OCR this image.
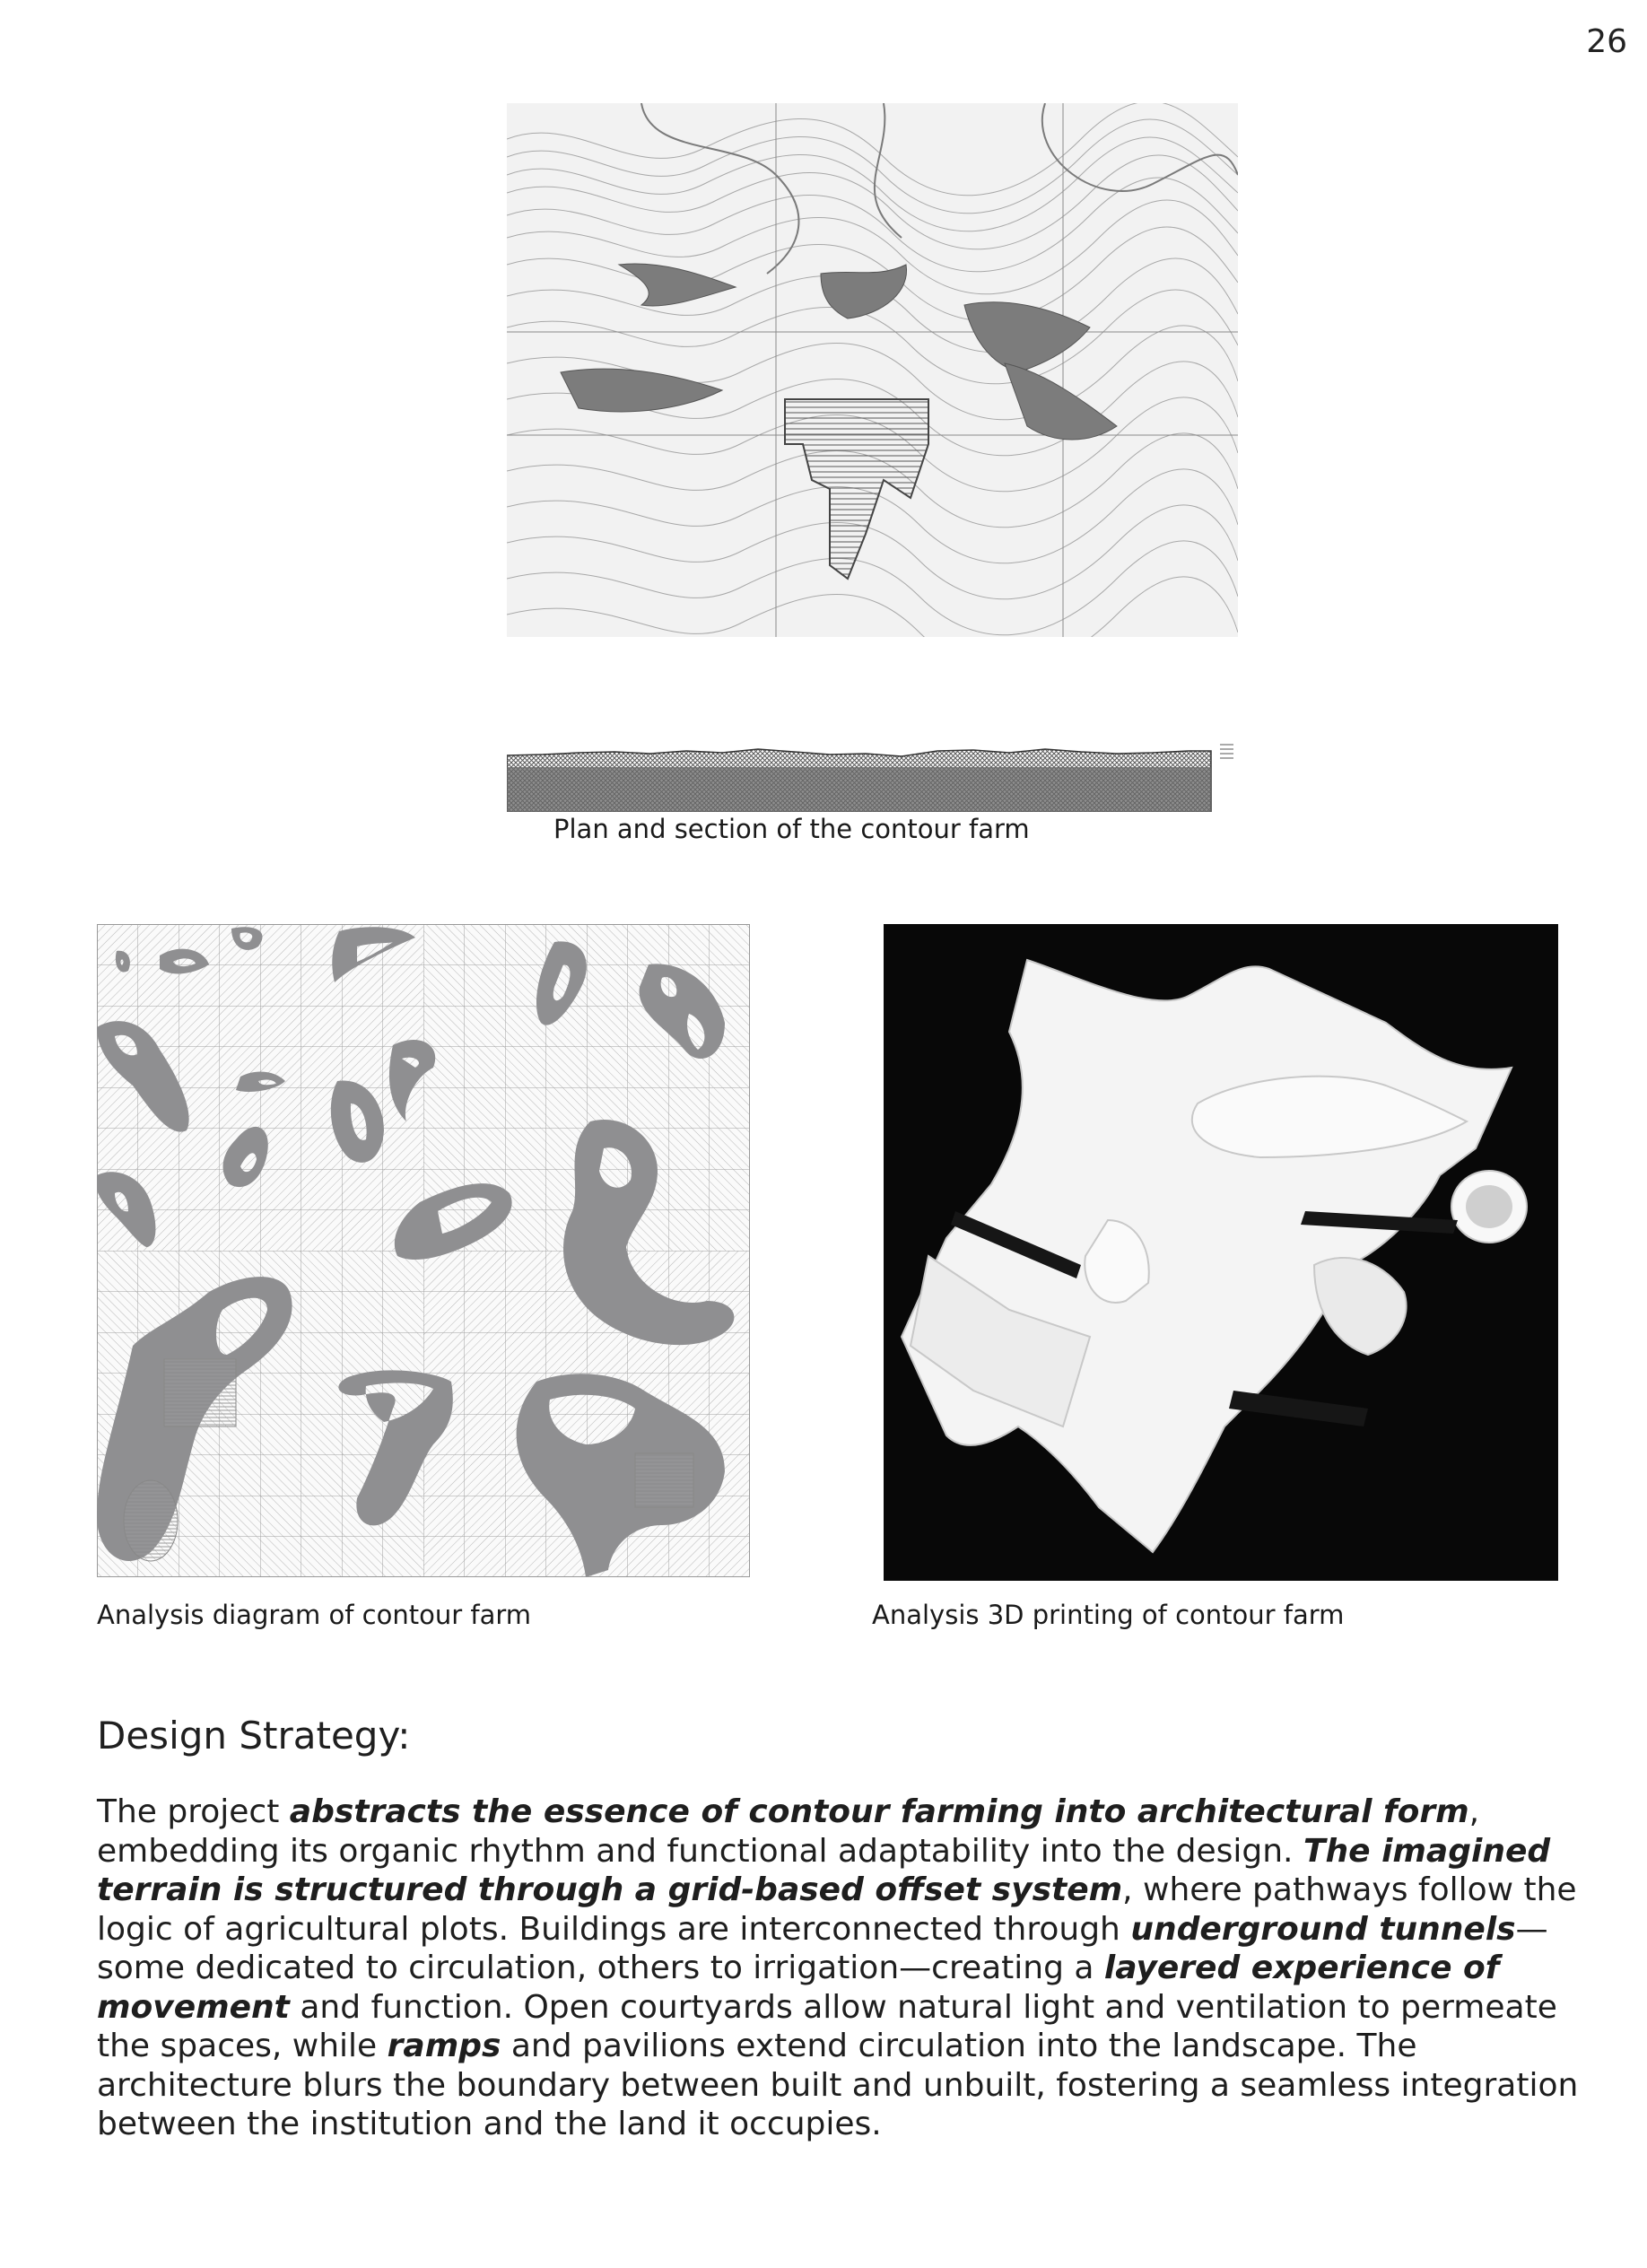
26
Plan and section of the contour farm
Analysis diagram of contour farm	Analysis 3D printing of contour farm
Design Strategy:
The project abstracts the essence of contour farming into architectural form, embedding its organic rhythm and functional adaptability into the design. The imagined terrain is structured through a grid-based offset system, where pathways follow the logic of agricultural plots. Buildings are interconnected through underground tunnels—some dedicated to circulation, others to irrigation—creating a layered experience of movement and function. Open courtyards allow natural light and ventilation to permeate the spaces, while ramps and pavilions extend circulation into the landscape. The architecture blurs the boundary between built and unbuilt, fostering a seamless integration between the institution and the land it occupies.
